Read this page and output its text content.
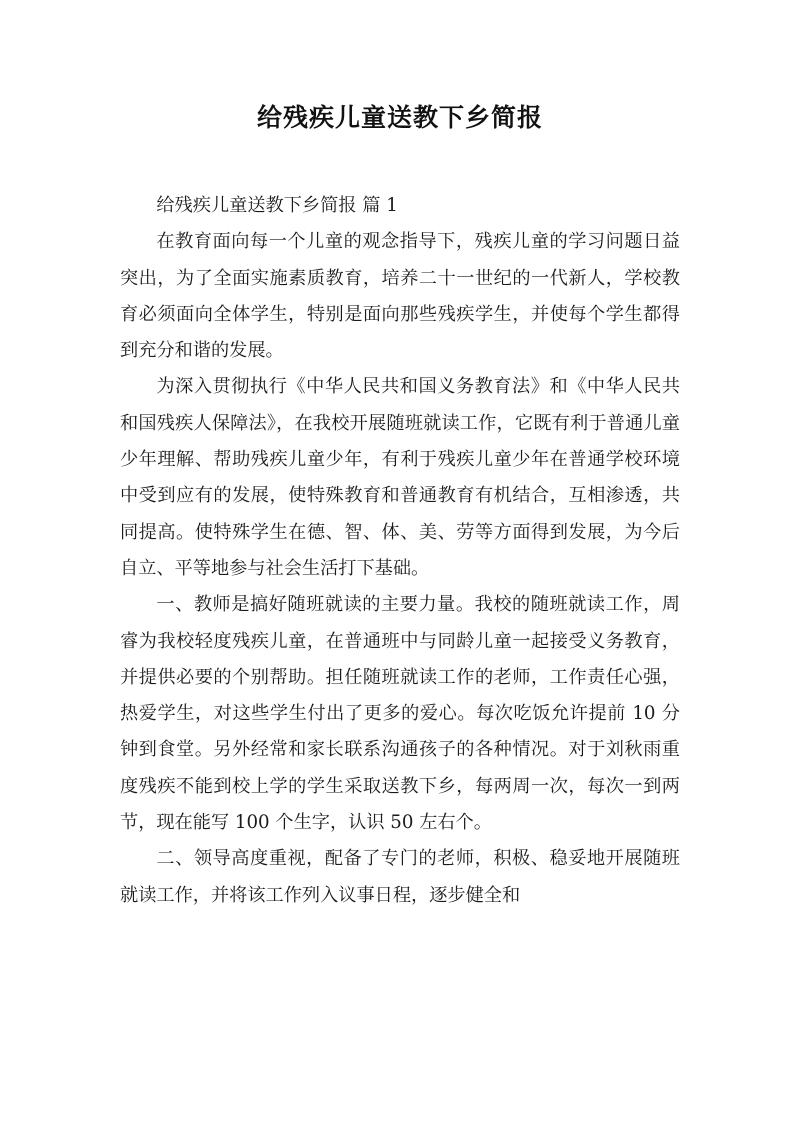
给残疾儿童送教下乡简报

给残疾儿童送教下乡简报 篇 1

在教育面向每一个儿童的观念指导下，残疾儿童的学习问题日益突出，为了全面实施素质教育，培养二十一世纪的一代新人，学校教育必须面向全体学生，特别是面向那些残疾学生，并使每个学生都得到充分和谐的发展。

为深入贯彻执行《中华人民共和国义务教育法》和《中华人民共和国残疾人保障法》，在我校开展随班就读工作，它既有利于普通儿童少年理解、帮助残疾儿童少年，有利于残疾儿童少年在普通学校环境中受到应有的发展，使特殊教育和普通教育有机结合，互相渗透，共同提高。使特殊学生在德、智、体、美、劳等方面得到发展，为今后自立、平等地参与社会生活打下基础。

一、教师是搞好随班就读的主要力量。我校的随班就读工作，周睿为我校轻度残疾儿童，在普通班中与同龄儿童一起接受义务教育，并提供必要的个别帮助。担任随班就读工作的老师，工作责任心强，热爱学生，对这些学生付出了更多的爱心。每次吃饭允许提前 10 分钟到食堂。另外经常和家长联系沟通孩子的各种情况。对于刘秋雨重度残疾不能到校上学的学生采取送教下乡，每两周一次，每次一到两节，现在能写 100 个生字，认识 50 左右个。

二、领导高度重视，配备了专门的老师，积极、稳妥地开展随班就读工作，并将该工作列入议事日程，逐步健全和
